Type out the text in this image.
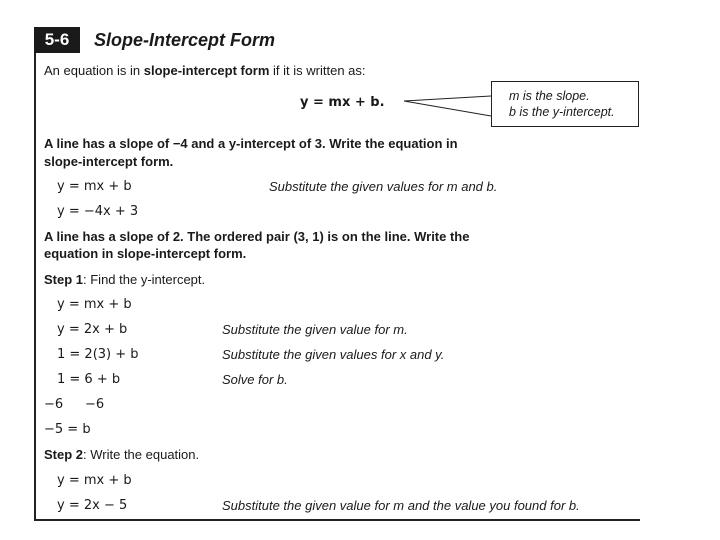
5-6	Slope-Intercept Form
An equation is in slope-intercept form if it is written as:
y = mx + b.	m is the slope.
b is the y-intercept.
A line has a slope of −4 and a y-intercept of 3. Write the equation in
slope-intercept form.
y = mx + b	Substitute the given values for m and b.
y = −4x + 3
A line has a slope of 2. The ordered pair (3, 1) is on the line. Write the
equation in slope-intercept form.
Step 1: Find the y-intercept.
y = mx + b
y = 2x + b	Substitute the given value for m.
1 = 2(3) + b	Substitute the given values for x and y.
1 = 6 + b	Solve for b.
−6 −6
−5 = b
Step 2: Write the equation.
y = mx + b
y = 2x − 5	Substitute the given value for m and the value you found for b.
